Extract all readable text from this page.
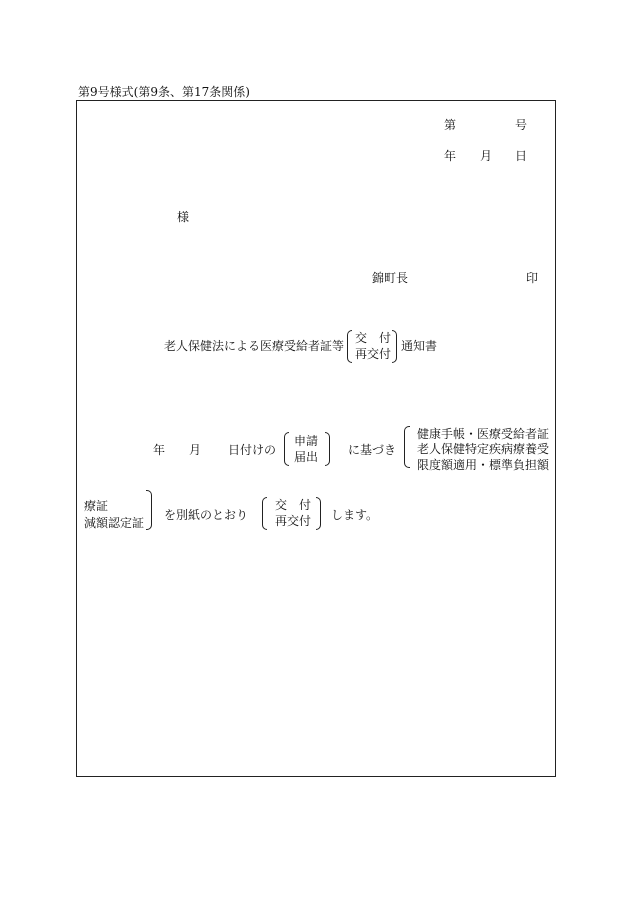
第9号様式(第9条、第17条関係)
第	号
年 月 日
様
錦町長	印
老人保健法による医療受給者証等
交　付
再交付
通知書
年 月 日付けの
申請
届出 に基づき
健康手帳・医療受給者証
老人保健特定疾病療養受
限度額適用・標準負担額
療証
減額認定証
を別紙のとおり
交　付
再交付 します。
